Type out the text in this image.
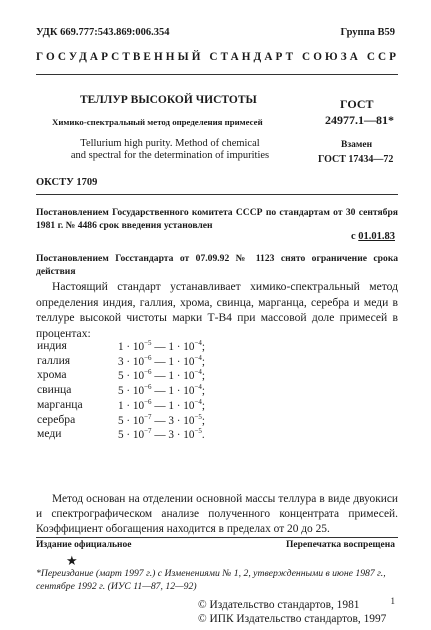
УДК 669.777:543.869:006.354	Группа В59
ГОСУДАРСТВЕННЫЙ СТАНДАРТ СОЮЗА ССР
ТЕЛЛУР ВЫСОКОЙ ЧИСТОТЫ
Химико-спектральный метод определения примесей
Tellurium high purity. Method of chemical
and spectral for the determination of impurities
ГОСТ
24977.1—81*
Взамен
ГОСТ 17434—72
ОКСТУ 1709
Постановлением Государственного комитета СССР по стандартам от 30 сентября 1981 г. № 4486 срок введения установлен
с 01.01.83
Постановлением Госстандарта от 07.09.92 № 1123 снято ограничение срока действия
Настоящий стандарт устанавливает химико-спектральный метод определения индия, галлия, хрома, свинца, марганца, серебра и меди в теллуре высокой чистоты марки Т-В4 при массовой доле примесей в процентах:
индия	$1 \cdot 10^{-5}$ — $1 \cdot 10^{-4}$;
галлия	$3 \cdot 10^{-6}$ — $1 \cdot 10^{-4}$;
хрома	$5 \cdot 10^{-6}$ — $1 \cdot 10^{-4}$;
свинца	$5 \cdot 10^{-6}$ — $1 \cdot 10^{-4}$;
марганца	$1 \cdot 10^{-6}$ — $1 \cdot 10^{-4}$;
серебра	$5 \cdot 10^{-7}$ — $3 \cdot 10^{-5}$;
меди	$5 \cdot 10^{-7}$ — $3 \cdot 10^{-5}$.
Метод основан на отделении основной массы теллура в виде двуокиси и спектрографическом анализе полученного концентрата примесей. Коэффициент обогащения находится в пределах от 20 до 25.
Издание официальное	Перепечатка воспрещена
★
*Переиздание (март 1997 г.) с Изменениями № 1, 2, утвержденными в июне 1987 г., сентябре 1992 г. (ИУС 11—87, 12—92)
© Издательство стандартов, 1981
© ИПК Издательство стандартов, 1997
1
